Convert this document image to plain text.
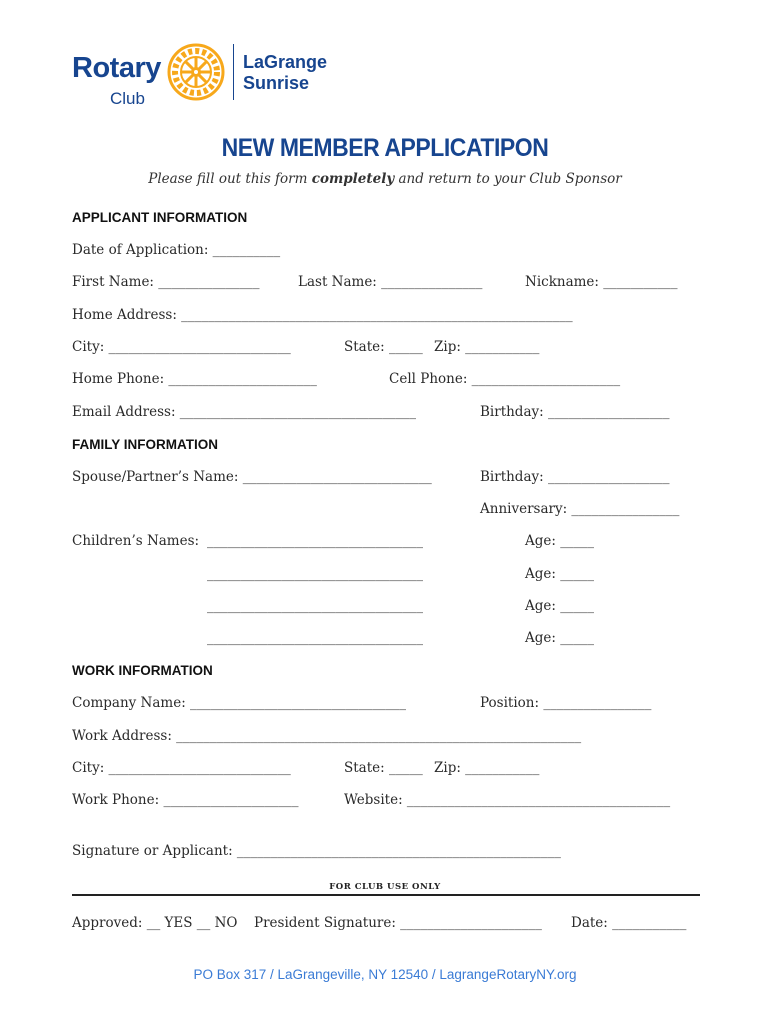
Rotary
Club
LaGrange
Sunrise
NEW MEMBER APPLICATIPON
Please fill out this form completely and return to your Club Sponsor
APPLICANT INFORMATION
Date of Application: __________
First Name: _______________	Last Name: _______________	Nickname: ___________
Home Address: __________________________________________________________
City: ___________________________	State: _____ Zip: ___________
Home Phone: ______________________	Cell Phone: ______________________
Email Address: ___________________________________	Birthday: __________________
FAMILY INFORMATION
Spouse/Partner’s Name: ____________________________	Birthday: __________________
Anniversary: ________________
Children’s Names: ________________________________	Age: _____
________________________________	Age: _____
________________________________	Age: _____
________________________________	Age: _____
WORK INFORMATION
Company Name: ________________________________	Position: ________________
Work Address: ____________________________________________________________
City: ___________________________	State: _____ Zip: ___________
Work Phone: ____________________	Website: _______________________________________
Signature or Applicant: ________________________________________________
FOR CLUB USE ONLY
Approved: __ YES __ NO President Signature: _____________________ Date: ___________
PO Box 317 / LaGrangeville, NY 12540 / LagrangeRotaryNY.org
